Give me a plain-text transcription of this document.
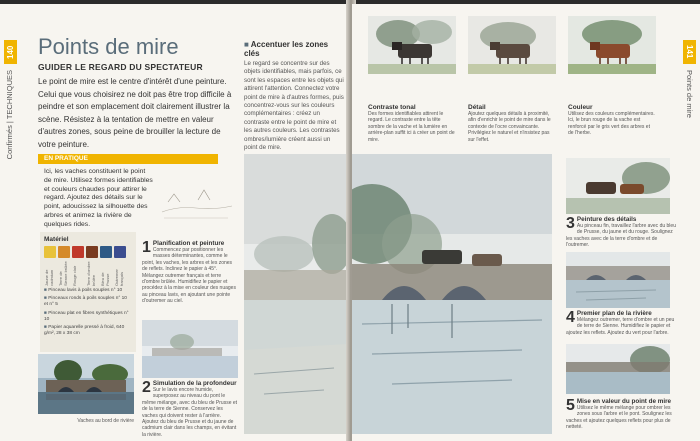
140
Confirmés | TECHNIQUES
Points de mire
GUIDER LE REGARD DU SPECTATEUR
Le point de mire est le centre d'intérêt d'une peinture. Celui que vous choisirez ne doit pas être trop difficile à peindre et son emplacement doit clairement illustrer la scène. Résistez à la tentation de mettre en valeur d'autres zones, sous peine de brouiller la lecture de votre peinture.
■ Accentuer les zones clés
Le regard se concentre sur des objets identifiables, mais parfois, ce sont les espaces entre les objets qui attirent l'attention. Connectez votre point de mire à d'autres formes, puis concentrez-vous sur les couleurs complémentaires : créez un contraste entre le point de mire et les autres couleurs. Les contrastes ombres/lumière créent aussi un point de mire.
EN PRATIQUE
Ici, les vaches constituent le point de mire. Utilisez formes identifiables et couleurs chaudes pour attirer le regard. Ajoutez des détails sur le point, adoucissez la silhouette des arbres et animez la rivière de quelques rides.
Matériel
Jaune de cadmium	Terre de Sienne brûlée	Rouge clair	Terre d'ombre brûlée	Bleu de Prusse	Outremer français
■ Pinceau lavis à poils souples n° 10
■ Pinceaux ronds à poils souples n° 10 et n° 5
■ Pinceau plat en fibres synthétiques n° 10
■ Papier aquarelle pressé à froid, 640 g/m², 28 x 38 cm
Vaches au bord de rivière
1 Planification et peinture
Commencez par positionner les masses déterminantes, comme le point, les vaches, les arbres et les zones de reflets. Inclinez le papier à 45°. Mélangez outremer français et terre d'ombre brûlée. Humidifiez le papier et procédez à la mise en couleur des nuages au pinceau lavis, en ajoutant une pointe d'outremer au ciel.
2 Simulation de la profondeur
Sur le lavis encore humide, superposez au niveau du pont le même mélange, avec du bleu de Prusse et de la terre de Sienne. Conservez les vaches qui doivent rester à l'arrière. Ajoutez du bleu de Prusse et du jaune de cadmium clair dans les champs, en évitant la rivière.
141
Points de mire
Contraste tonal
Des formes identifiables attirent le regard. Le contraste entre la tête sombre de la vache et la lumière en arrière-plan suffit ici à créer un point de mire.
Détail
Ajoutez quelques détails à proximité, afin d'enrichir le point de mire dans le contexte de l'ocre convaincante. Privilégiez le naturel et n'insistez pas sur l'effet.
Couleur
Utilisez des couleurs complémentaires. Ici, le brun rouge de la vache est renforcé par le gris vert des arbres et de l'herbe.
3 Peinture des détails
Au pinceau fin, travaillez l'arbre avec du bleu de Prusse, du jaune et du rouge. Soulignez les vaches avec de la terre d'ombre et de l'outremer.
4 Premier plan de la rivière
Mélangez outremer, terre d'ombre et un peu de terre de Sienne. Humidifiez le papier et ajoutez les reflets. Ajoutez du vert pour l'arbre.
5 Mise en valeur du point de mire
Utilisez le même mélange pour ombrer les zones sous l'arbre et le pont. Soulignez les vaches et ajoutez quelques reflets pour plus de netteté.
